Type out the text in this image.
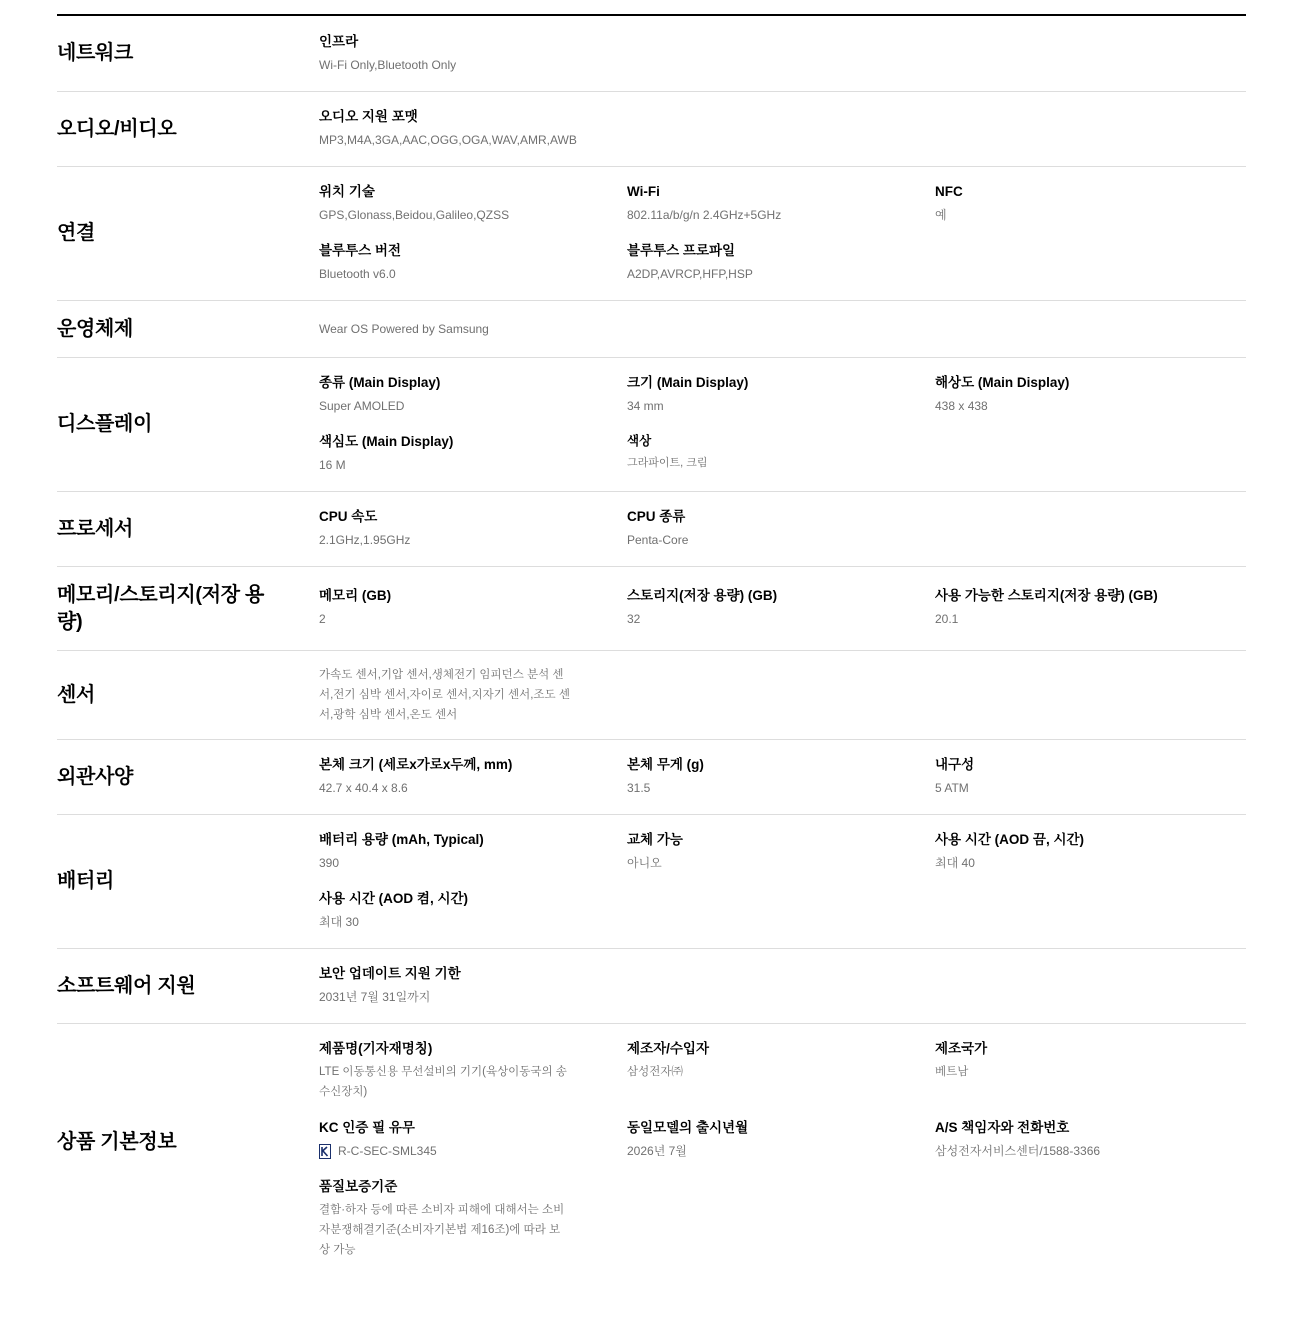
네트워크
인프라
Wi-Fi Only,Bluetooth Only
오디오/비디오
오디오 지원 포맷
MP3,M4A,3GA,AAC,OGG,OGA,WAV,AMR,AWB
연결
위치 기술
GPS,Glonass,Beidou,Galileo,QZSS
Wi-Fi
802.11a/b/g/n 2.4GHz+5GHz
NFC
예
블루투스 버전
Bluetooth v6.0
블루투스 프로파일
A2DP,AVRCP,HFP,HSP
운영체제	Wear OS Powered by Samsung
디스플레이
종류 (Main Display)
Super AMOLED
크기 (Main Display)
34 mm
해상도 (Main Display)
438 x 438
색심도 (Main Display)
16 M
색상
그라파이트, 크림
프로세서
CPU 속도
2.1GHz,1.95GHz
CPU 종류
Penta-Core
메모리/스토리지(저장 용량)
메모리 (GB)
2
스토리지(저장 용량) (GB)
32
사용 가능한 스토리지(저장 용량) (GB)
20.1
센서
가속도 센서,기압 센서,생체전기 임피던스 분석 센서,전기 심박 센서,자이로 센서,지자기 센서,조도 센서,광학 심박 센서,온도 센서
외관사양
본체 크기 (세로x가로x두께, mm)
42.7 x 40.4 x 8.6
본체 무게 (g)
31.5
내구성
5 ATM
배터리
배터리 용량 (mAh, Typical)
390
교체 가능
아니오
사용 시간 (AOD 끔, 시간)
최대 40
사용 시간 (AOD 켬, 시간)
최대 30
소프트웨어 지원
보안 업데이트 지원 기한
2031년 7월 31일까지
상품 기본정보
제품명(기자재명칭)
LTE 이동통신용 무선설비의 기기(육상이동국의 송수신장치)
제조자/수입자
삼성전자㈜
제조국가
베트남
KC 인증 필 유무
R-C-SEC-SML345
동일모델의 출시년월
2026년 7월
A/S 책임자와 전화번호
삼성전자서비스센터/1588-3366
품질보증기준
결함·하자 등에 따른 소비자 피해에 대해서는 소비자분쟁해결기준(소비자기본법 제16조)에 따라 보상 가능
